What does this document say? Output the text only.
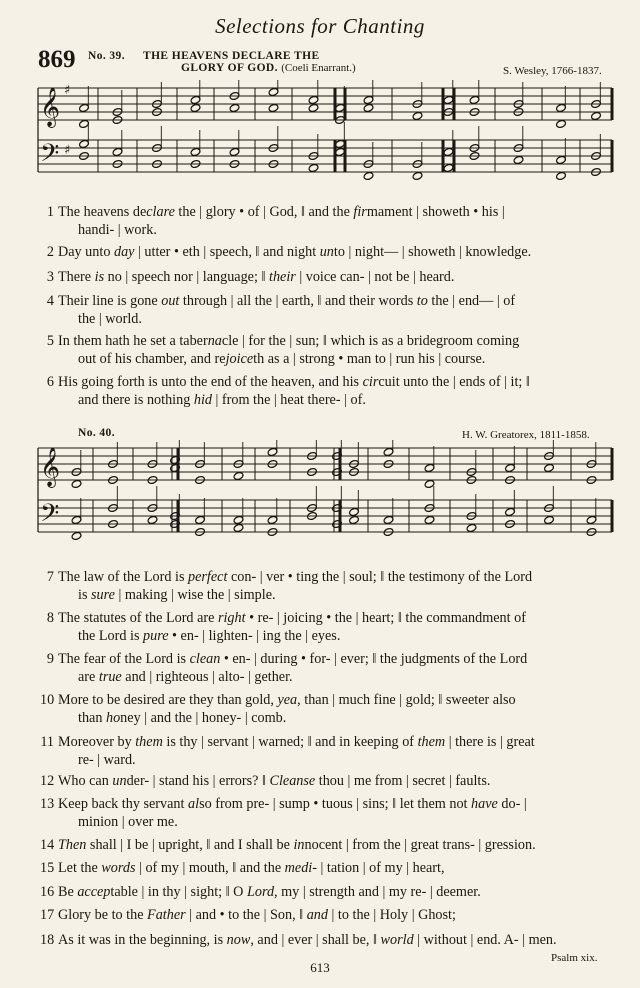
Selections for Chanting
869 No. 39. THE HEAVENS DECLARE THE
GLORY OF GOD. (Coeli Enarrant.)	S. Wesley, 1766-1837.
𝄞 ♯
𝄢 ♯
No. 40.	H. W. Greatorex, 1811-1858.
𝄞
𝄢
1 The heavens declare the | glory • of | God, ‖ and the firmament | showeth • his |
handi- | work.
2 Day unto day | utter • eth | speech, ‖ and night unto | night— | showeth | knowledge.
3 There is no | speech nor | language; ‖ their | voice can- | not be | heard.
4 Their line is gone out through | all the | earth, ‖ and their words to the | end— | of
the | world.
5 In them hath he set a tabernacle | for the | sun; ‖ which is as a bridegroom coming
out of his chamber, and rejoiceth as a | strong • man to | run his | course.
6 His going forth is unto the end of the heaven, and his circuit unto the | ends of | it; ‖
and there is nothing hid | from the | heat there- | of.
7 The law of the Lord is perfect con- | ver • ting the | soul; ‖ the testimony of the Lord
is sure | making | wise the | simple.
8 The statutes of the Lord are right • re- | joicing • the | heart; ‖ the commandment of
the Lord is pure • en- | lighten- | ing the | eyes.
9 The fear of the Lord is clean • en- | during • for- | ever; ‖ the judgments of the Lord
are true and | righteous | alto- | gether.
10 More to be desired are they than gold, yea, than | much fine | gold; ‖ sweeter also
than honey | and the | honey- | comb.
11 Moreover by them is thy | servant | warned; ‖ and in keeping of them | there is | great
re- | ward.
12 Who can under- | stand his | errors? ‖ Cleanse thou | me from | secret | faults.
13 Keep back thy servant also from pre- | sump • tuous | sins; ‖ let them not have do- |
minion | over me.
14 Then shall | I be | upright, ‖ and I shall be innocent | from the | great trans- | gression.
15 Let the words | of my | mouth, ‖ and the medi- | tation | of my | heart,
16 Be acceptable | in thy | sight; ‖ O Lord, my | strength and | my re- | deemer.
17 Glory be to the Father | and • to the | Son, ‖ and | to the | Holy | Ghost;
18 As it was in the beginning, is now, and | ever | shall be, ‖ world | without | end. A- | men.
613
Psalm xix.
